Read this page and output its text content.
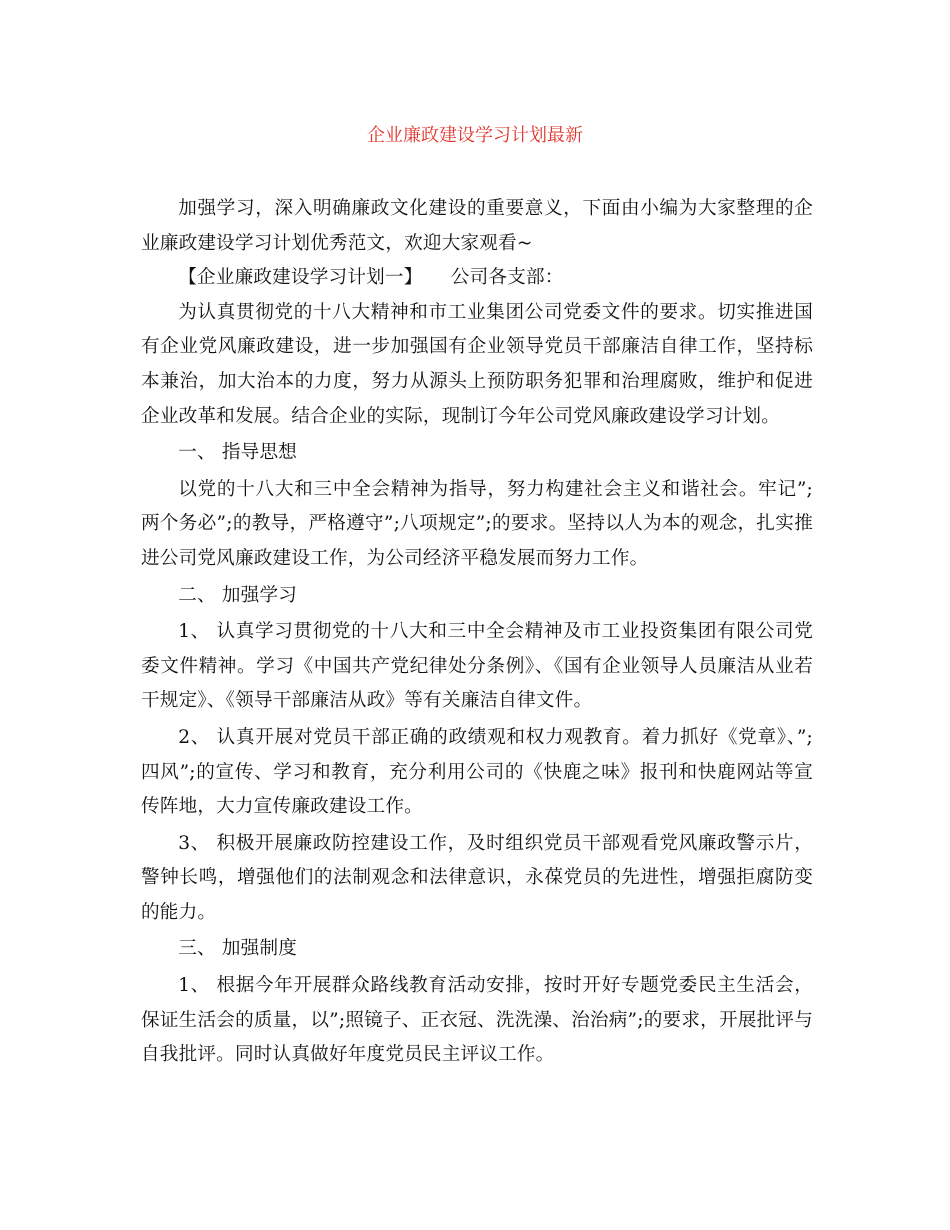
企业廉政建设学习计划最新

加强学习，深入明确廉政文化建设的重要意义，下面由小编为大家整理的企业廉政建设学习计划优秀范文，欢迎大家观看~

【企业廉政建设学习计划一】　　公司各支部：

为认真贯彻党的十八大精神和市工业集团公司党委文件的要求。切实推进国有企业党风廉政建设，进一步加强国有企业领导党员干部廉洁自律工作，坚持标本兼治，加大治本的力度，努力从源头上预防职务犯罪和治理腐败，维护和促进企业改革和发展。结合企业的实际，现制订今年公司党风廉政建设学习计划。

一、 指导思想

以党的十八大和三中全会精神为指导，努力构建社会主义和谐社会。牢记”;两个务必”;的教导，严格遵守”;八项规定”;的要求。坚持以人为本的观念，扎实推进公司党风廉政建设工作，为公司经济平稳发展而努力工作。

二、 加强学习

1、 认真学习贯彻党的十八大和三中全会精神及市工业投资集团有限公司党委文件精神。学习《中国共产党纪律处分条例》、《国有企业领导人员廉洁从业若干规定》、《领导干部廉洁从政》等有关廉洁自律文件。

2、 认真开展对党员干部正确的政绩观和权力观教育。着力抓好《党章》、”;四风”;的宣传、学习和教育，充分利用公司的《快鹿之味》报刊和快鹿网站等宣传阵地，大力宣传廉政建设工作。

3、 积极开展廉政防控建设工作，及时组织党员干部观看党风廉政警示片，警钟长鸣，增强他们的法制观念和法律意识，永葆党员的先进性，增强拒腐防变的能力。

三、 加强制度

1、 根据今年开展群众路线教育活动安排，按时开好专题党委民主生活会，保证生活会的质量，以”;照镜子、正衣冠、洗洗澡、治治病”;的要求，开展批评与自我批评。同时认真做好年度党员民主评议工作。
